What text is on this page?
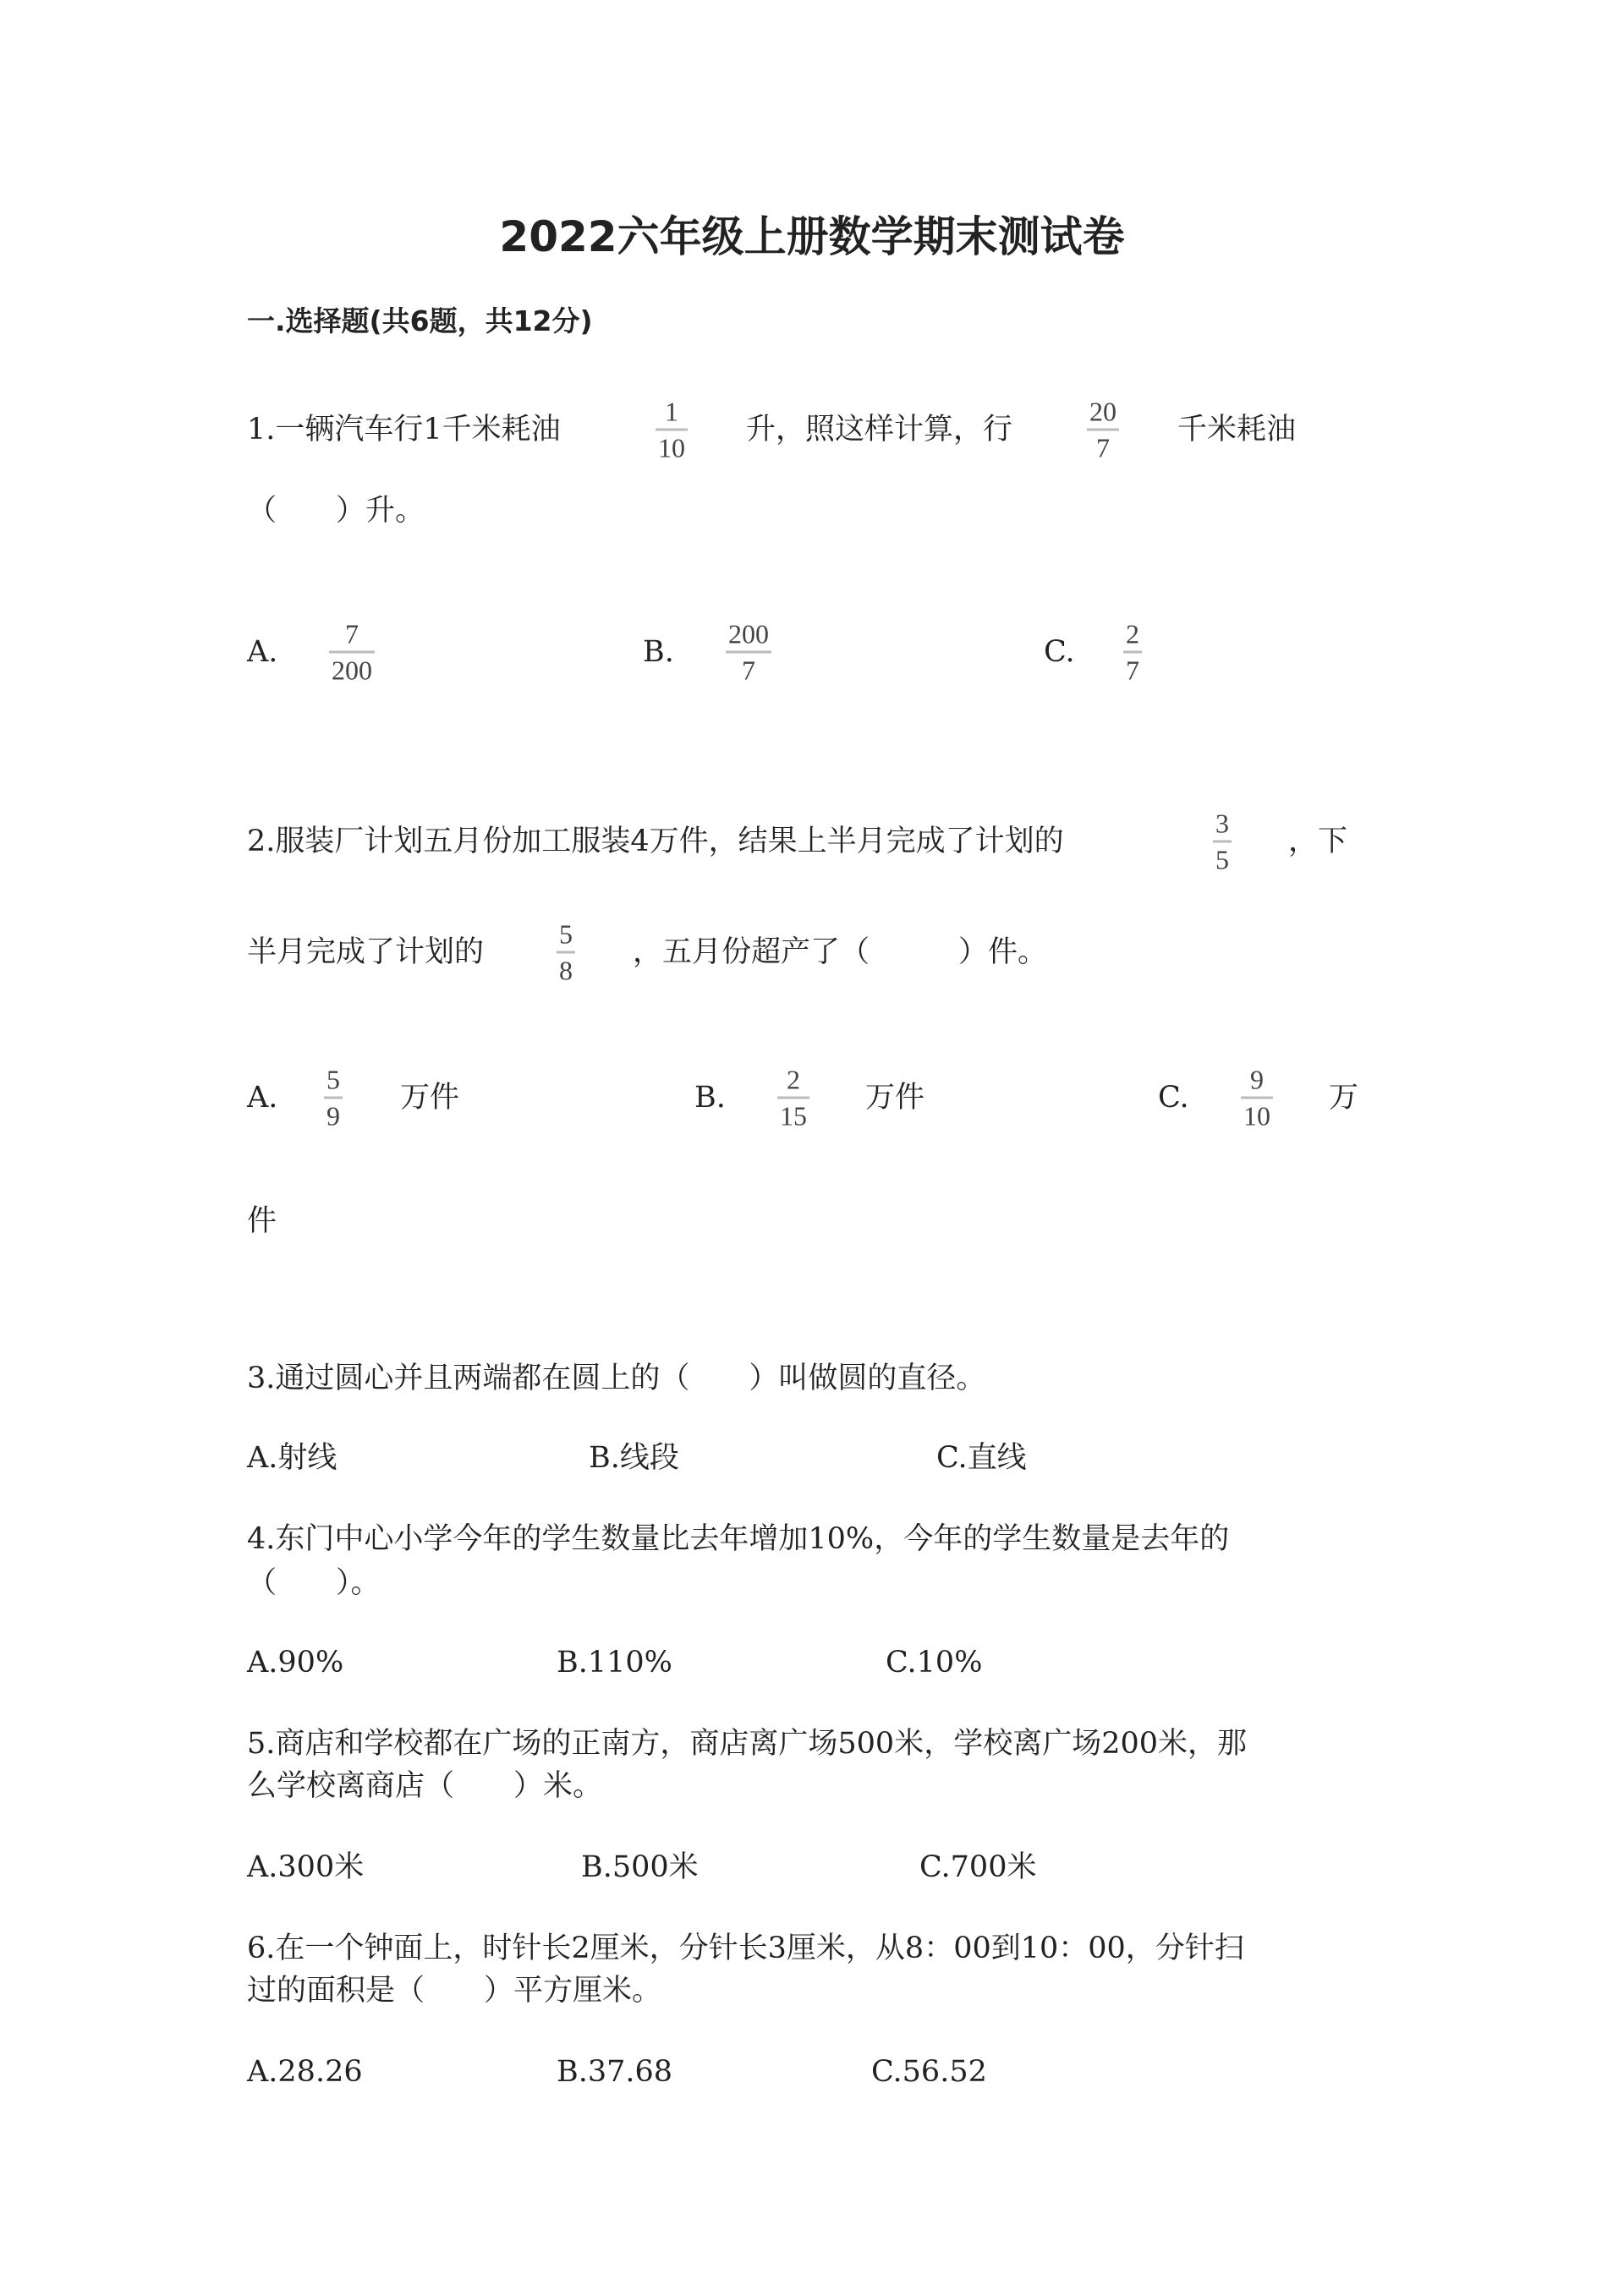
2022六年级上册数学期末测试卷
一.选择题(共6题，共12分)
1.一辆汽车行1千米耗油
1
10
升，照这样计算，行
20
7
千米耗油
（　　）升。
A.
7
200
B.
200
7
C.
2
7
2.服装厂计划五月份加工服装4万件，结果上半月完成了计划的
3
5
，下
半月完成了计划的
5
8
，五月份超产了（　　　）件。
A.
5
9
万件	B.
2
15
万件	C.
9
10
万
件
3.通过圆心并且两端都在圆上的（　　）叫做圆的直径。
A.射线	B.线段	C.直线
4.东门中心小学今年的学生数量比去年增加10%，今年的学生数量是去年的
（　　）。
A.90%	B.110%	C.10%
5.商店和学校都在广场的正南方，商店离广场500米，学校离广场200米，那
么学校离商店（　　）米。
A.300米	B.500米	C.700米
6.在一个钟面上，时针长2厘米，分针长3厘米，从8：00到10：00，分针扫
过的面积是（　　）平方厘米。
A.28.26	B.37.68	C.56.52
